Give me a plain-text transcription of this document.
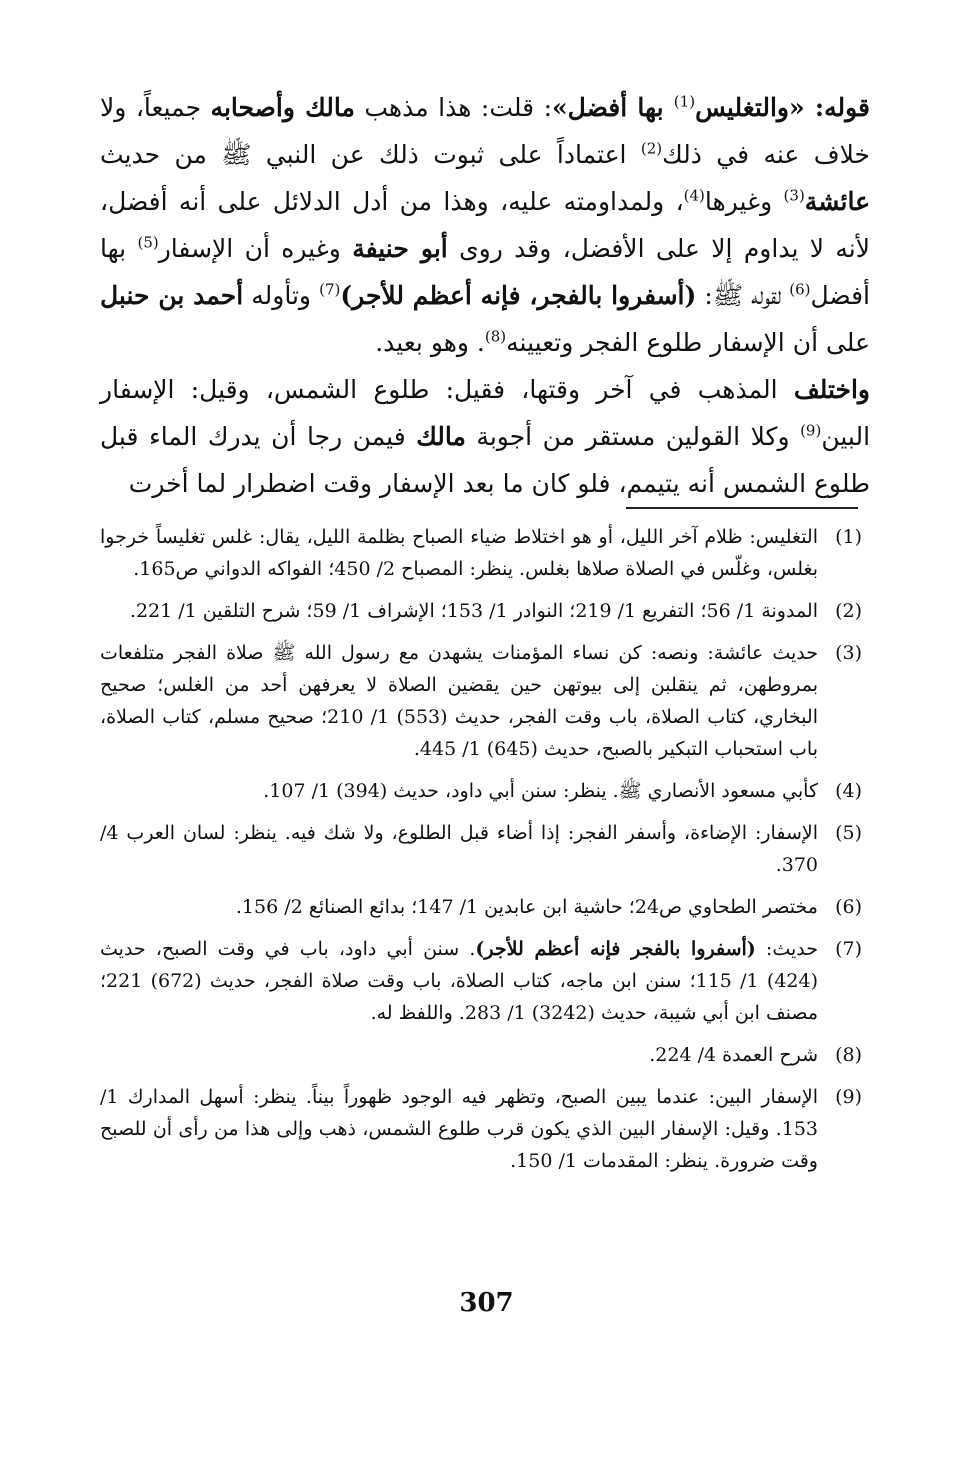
قوله: «والتغليس$^{(1)}$ بها أفضل»: قلت: هذا مذهب مالك وأصحابه جميعاً، ولا خلاف عنه في ذلك$^{(2)}$ اعتماداً على ثبوت ذلك عن النبي ﷺ من حديث عائشة$^{(3)}$ وغيرها$^{(4)}$، ولمداومته عليه، وهذا من أدل الدلائل على أنه أفضل، لأنه لا يداوم إلا على الأفضل، وقد روى أبو حنيفة وغيره أن الإسفار$^{(5)}$ بها أفضل$^{(6)}$ لقوله ﷺ: (أسفروا بالفجر، فإنه أعظم للأجر)$^{(7)}$ وتأوله أحمد بن حنبل على أن الإسفار طلوع الفجر وتعيينه$^{(8)}$. وهو بعيد.

واختلف المذهب في آخر وقتها، فقيل: طلوع الشمس، وقيل: الإسفار البين$^{(9)}$ وكلا القولين مستقر من أجوبة مالك فيمن رجا أن يدرك الماء قبل طلوع الشمس أنه يتيمم، فلو كان ما بعد الإسفار وقت اضطرار لما أخرت

(1)
التغليس: ظلام آخر الليل، أو هو اختلاط ضياء الصباح بظلمة الليل، يقال: غلس تغليساً خرجوا بغلس، وغلّس في الصلاة صلاها بغلس. ينظر: المصباح 2/ 450؛ الفواكه الدواني ص165.
(2)
المدونة 1/ 56؛ التفريع 1/ 219؛ النوادر 1/ 153؛ الإشراف 1/ 59؛ شرح التلقين 1/ 221.
(3)
حديث عائشة: ونصه: كن نساء المؤمنات يشهدن مع رسول الله ﷺ صلاة الفجر متلفعات بمروطهن، ثم ينقلبن إلى بيوتهن حين يقضين الصلاة لا يعرفهن أحد من الغلس؛ صحيح البخاري، كتاب الصلاة، باب وقت الفجر، حديث (553) 1/ 210؛ صحيح مسلم، كتاب الصلاة، باب استحباب التبكير بالصبح، حديث (645) 1/ 445.
(4)
كأبي مسعود الأنصاري ﷺ. ينظر: سنن أبي داود، حديث (394) 1/ 107.
(5)
الإسفار: الإضاءة، وأسفر الفجر: إذا أضاء قبل الطلوع، ولا شك فيه. ينظر: لسان العرب 4/ 370.
(6)
مختصر الطحاوي ص24؛ حاشية ابن عابدين 1/ 147؛ بدائع الصنائع 2/ 156.
(7)
حديث: (أسفروا بالفجر فإنه أعظم للأجر). سنن أبي داود، باب في وقت الصبح، حديث (424) 1/ 115؛ سنن ابن ماجه، كتاب الصلاة، باب وقت صلاة الفجر، حديث (672) 221؛ مصنف ابن أبي شيبة، حديث (3242) 1/ 283. واللفظ له.
(8)
شرح العمدة 4/ 224.
(9)
الإسفار البين: عندما يبين الصبح، وتظهر فيه الوجود ظهوراً بيناً. ينظر: أسهل المدارك 1/ 153. وقيل: الإسفار البين الذي يكون قرب طلوع الشمس، ذهب وإلى هذا من رأى أن للصبح وقت ضرورة. ينظر: المقدمات 1/ 150.
307
